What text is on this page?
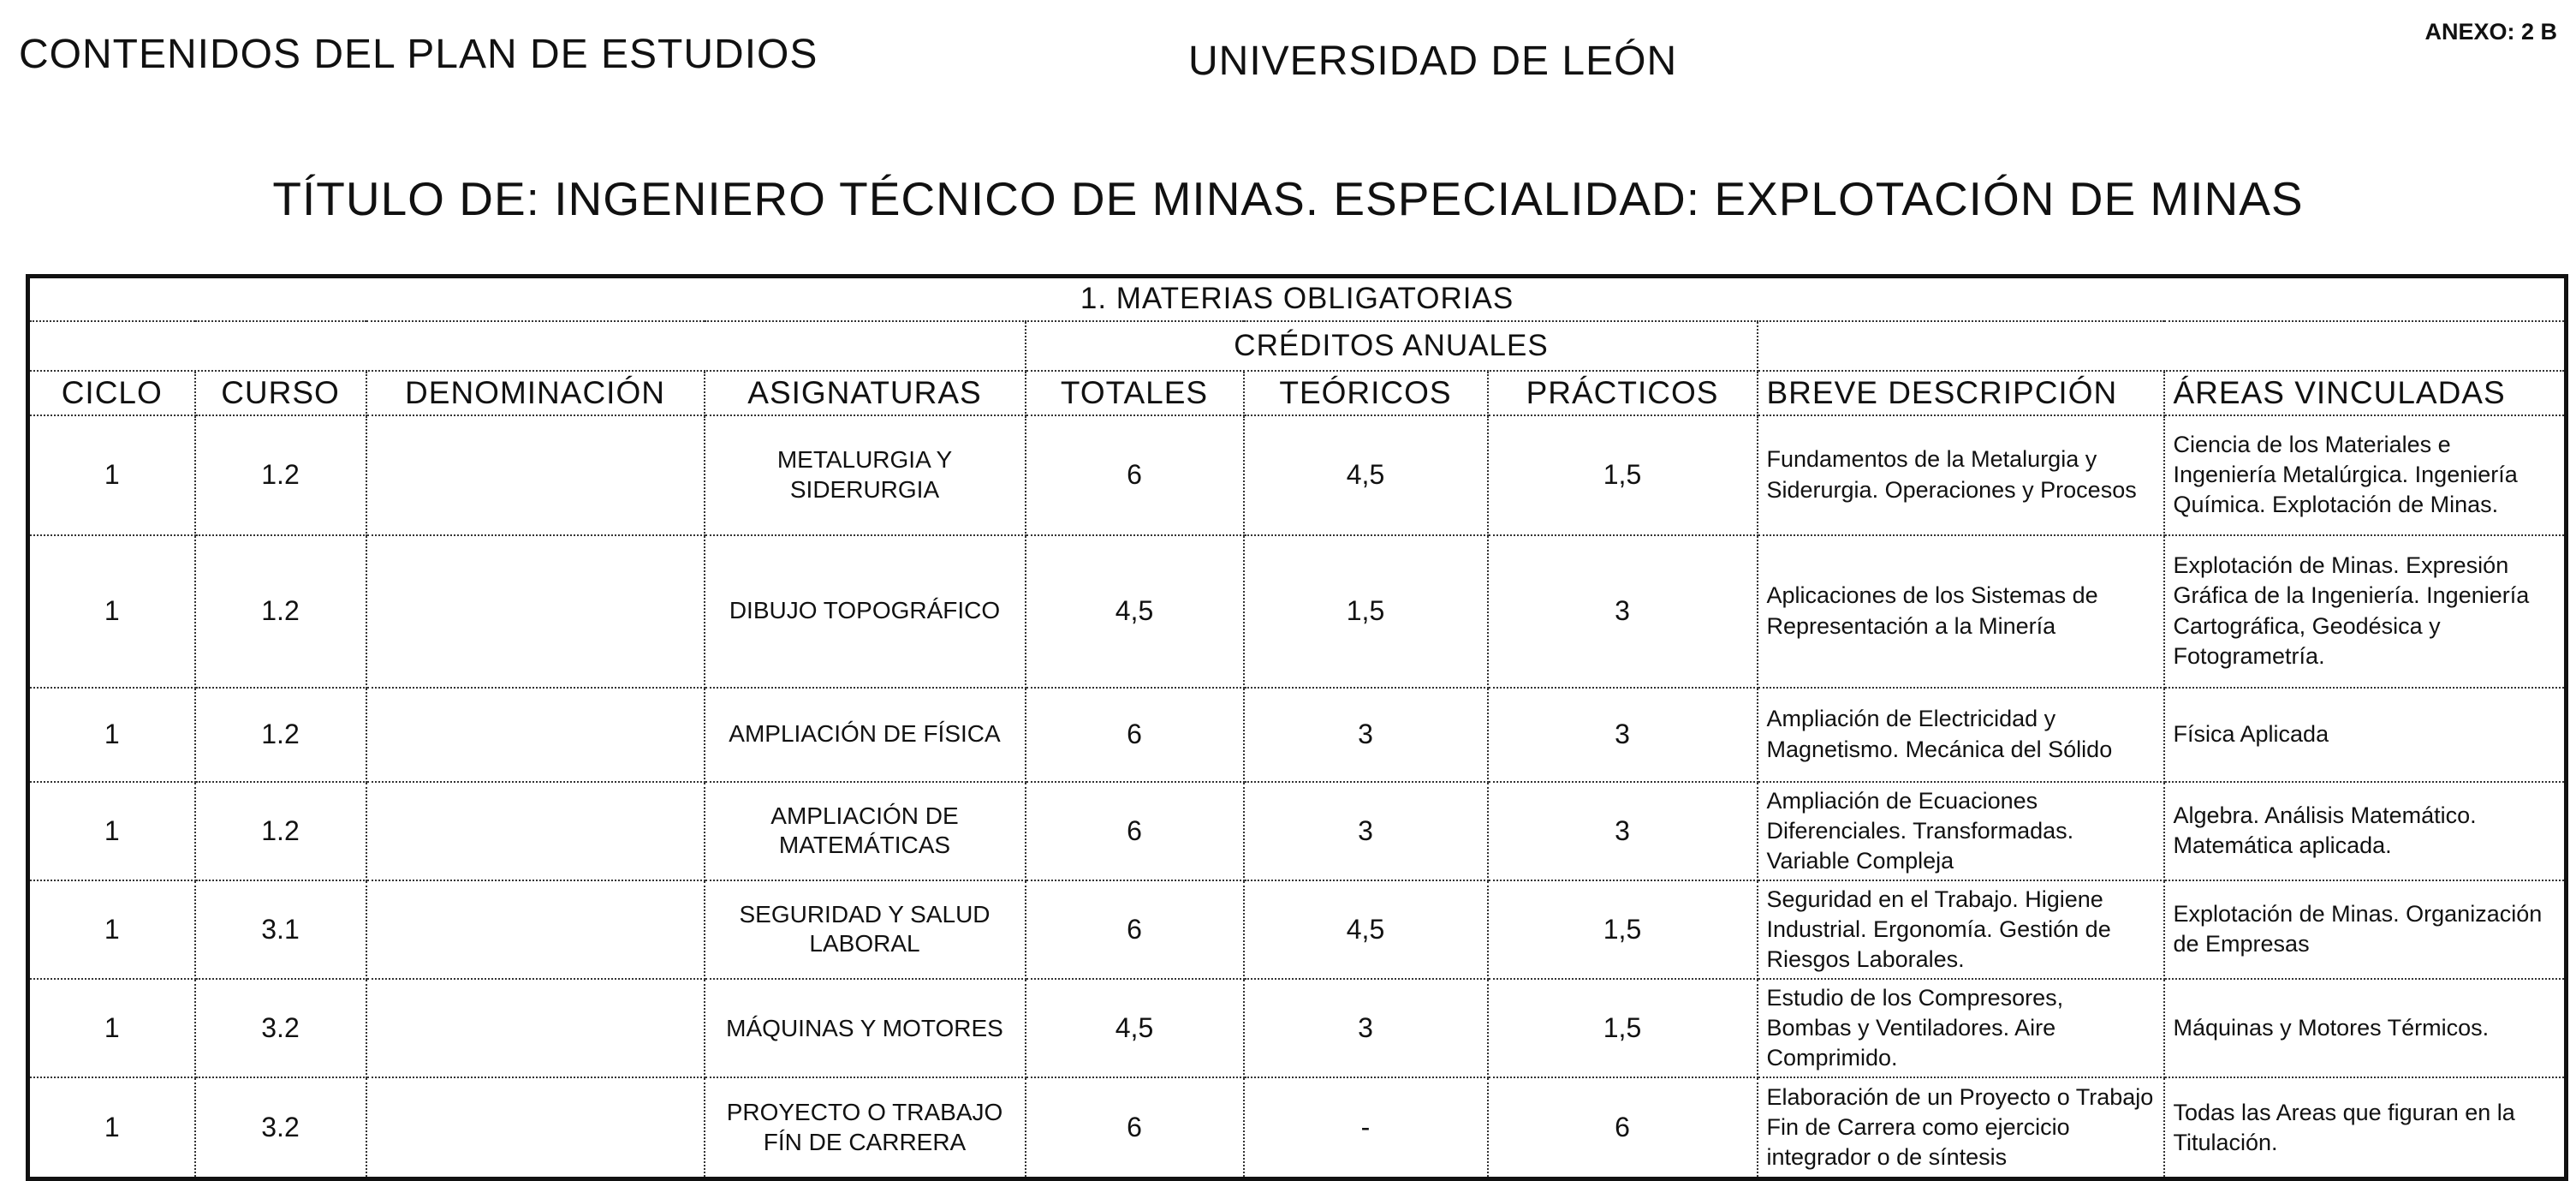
CONTENIDOS DEL PLAN DE ESTUDIOS	UNIVERSIDAD DE LEÓN
ANEXO: 2 B
TÍTULO DE: INGENIERO TÉCNICO DE MINAS. ESPECIALIDAD: EXPLOTACIÓN DE MINAS
1. MATERIAS OBLIGATORIAS								
				CRÉDITOS ANUALES				
CICLO	CURSO	DENOMINACIÓN	ASIGNATURAS	TOTALES	TEÓRICOS	PRÁCTICOS	BREVE DESCRIPCIÓN	ÁREAS VINCULADAS
1	1.2		METALURGIA Y SIDERURGIA	6	4,5	1,5	Fundamentos de la Metalurgia y Siderurgia. Operaciones y Procesos	Ciencia de los Materiales e Ingeniería Metalúrgica. Ingeniería Química. Explotación de Minas.
1	1.2		DIBUJO TOPOGRÁFICO	4,5	1,5	3	Aplicaciones de los Sistemas de Representación a la Minería	Explotación de Minas. Expresión Gráfica de la Ingeniería. Ingeniería Cartográfica, Geodésica y Fotogrametría.
1	1.2		AMPLIACIÓN DE FÍSICA	6	3	3	Ampliación de Electricidad y Magnetismo. Mecánica del Sólido	Física Aplicada
1	1.2		AMPLIACIÓN DE MATEMÁTICAS	6	3	3	Ampliación de Ecuaciones Diferenciales. Transformadas. Variable Compleja	Algebra. Análisis Matemático. Matemática aplicada.
1	3.1		SEGURIDAD Y SALUD LABORAL	6	4,5	1,5	Seguridad en el Trabajo. Higiene Industrial. Ergonomía. Gestión de Riesgos Laborales.	Explotación de Minas. Organización de Empresas
1	3.2		MÁQUINAS Y MOTORES	4,5	3	1,5	Estudio de los Compresores, Bombas y Ventiladores. Aire Comprimido.	Máquinas y Motores Térmicos.
1	3.2		PROYECTO O TRABAJO FÍN DE CARRERA	6	-	6	Elaboración de un Proyecto o Trabajo Fin de Carrera como ejercicio integrador o de síntesis	Todas las Areas que figuran en la Titulación.
